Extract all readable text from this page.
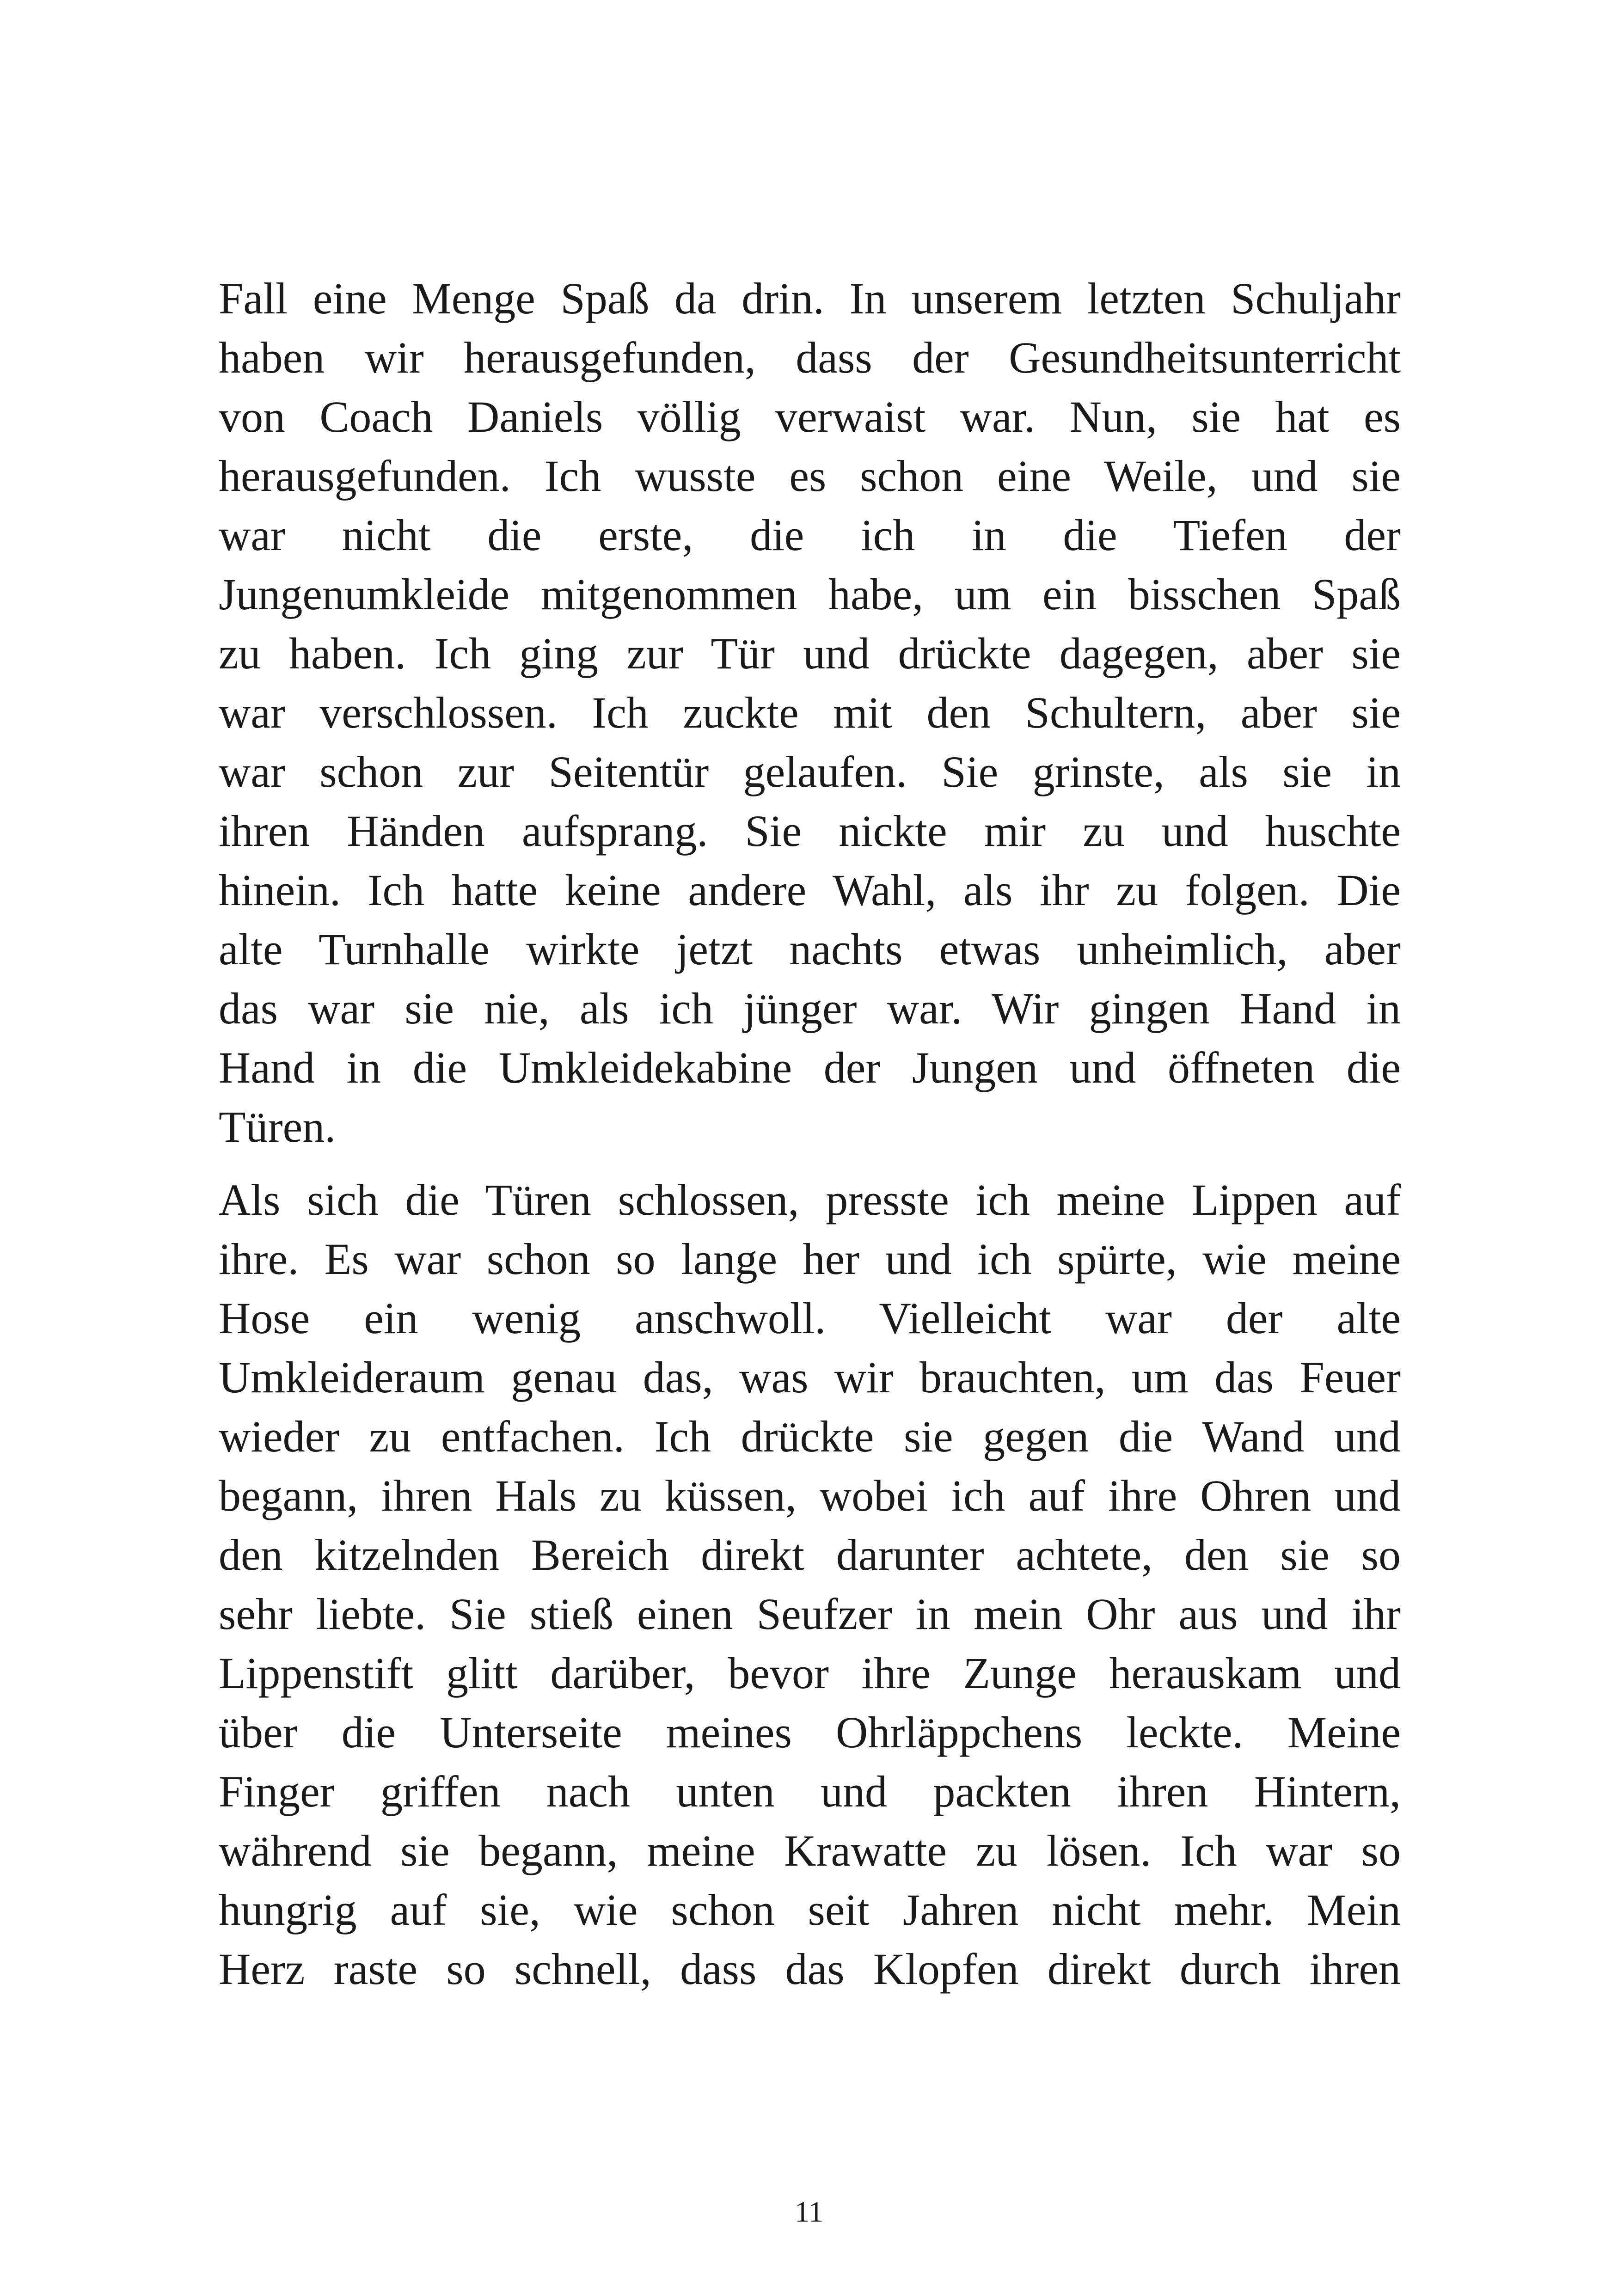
Fall eine Menge Spaß da drin. In unserem letzten Schuljahr
haben wir herausgefunden, dass der Gesundheitsunterricht
von Coach Daniels völlig verwaist war. Nun, sie hat es
herausgefunden. Ich wusste es schon eine Weile, und sie
war nicht die erste, die ich in die Tiefen der
Jungenumkleide mitgenommen habe, um ein bisschen Spaß
zu haben. Ich ging zur Tür und drückte dagegen, aber sie
war verschlossen. Ich zuckte mit den Schultern, aber sie
war schon zur Seitentür gelaufen. Sie grinste, als sie in
ihren Händen aufsprang. Sie nickte mir zu und huschte
hinein. Ich hatte keine andere Wahl, als ihr zu folgen. Die
alte Turnhalle wirkte jetzt nachts etwas unheimlich, aber
das war sie nie, als ich jünger war. Wir gingen Hand in
Hand in die Umkleidekabine der Jungen und öffneten die
Türen.
Als sich die Türen schlossen, presste ich meine Lippen auf
ihre. Es war schon so lange her und ich spürte, wie meine
Hose ein wenig anschwoll. Vielleicht war der alte
Umkleideraum genau das, was wir brauchten, um das Feuer
wieder zu entfachen. Ich drückte sie gegen die Wand und
begann, ihren Hals zu küssen, wobei ich auf ihre Ohren und
den kitzelnden Bereich direkt darunter achtete, den sie so
sehr liebte. Sie stieß einen Seufzer in mein Ohr aus und ihr
Lippenstift glitt darüber, bevor ihre Zunge herauskam und
über die Unterseite meines Ohrläppchens leckte. Meine
Finger griffen nach unten und packten ihren Hintern,
während sie begann, meine Krawatte zu lösen. Ich war so
hungrig auf sie, wie schon seit Jahren nicht mehr. Mein
Herz raste so schnell, dass das Klopfen direkt durch ihren
11
